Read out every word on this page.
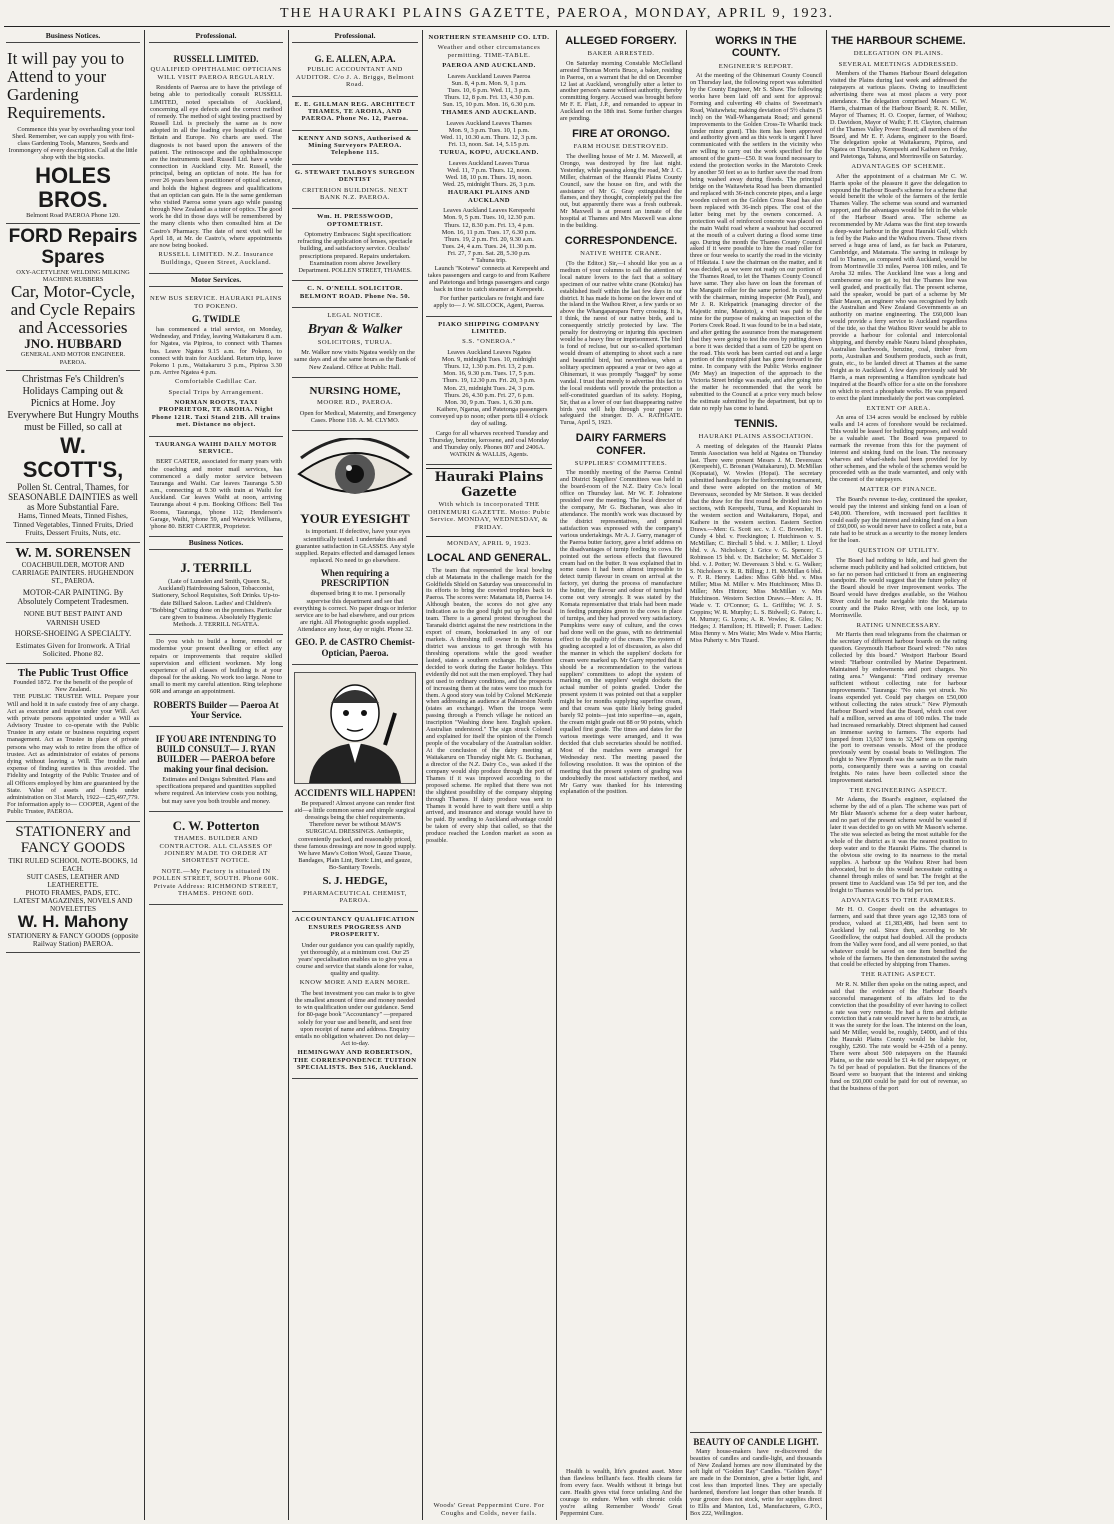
THE HAURAKI PLAINS GAZETTE, PAEROA, MONDAY, APRIL 9, 1923.
Business Notices.
It will pay you to Attend to your Gardening Requirements.
Commence this year by overhauling your tool Shed. Remember, we can supply you with first-class Gardening Tools, Manures, Seeds and Ironmongery of every description. Call at the little shop with the big stocks.
HOLES BROS.
Belmont Road PAEROA Phone 120.
FORD Repairs Spares
OXY-ACETYLENE WELDING MILKING MACHINE RUBBERS
Car, Motor-Cycle, and Cycle Repairs and Accessories
JNO. HUBBARD
GENERAL AND MOTOR ENGINEER. PAEROA.
Christmas Fe's Children's Holidays Camping out & Picnics at Home. Joy Everywhere But Hungry Mouths must be Filled, so call at
W. SCOTT'S,
Pollen St. Central, Thames, for SEASONABLE DAINTIES as well as More Substantial Fare.
Hams, Tinned Meats, Tinned Fishes, Tinned Vegetables, Tinned Fruits, Dried Fruits, Dessert Fruits, Nuts, etc.
W. M. SORENSEN
COACHBUILDER, MOTOR AND CARRIAGE PAINTERS. HUGHENDON ST., PAEROA.
MOTOR-CAR PAINTING. By Absolutely Competent Tradesmen.
NONE BUT BEST PAINT AND VARNISH USED
HORSE-SHOEING A SPECIALTY.
Estimates Given for Ironwork. A Trial Solicited. Phone 82.
The Public Trust Office
Founded 1872. For the benefit of the people of New Zealand.
THE PUBLIC TRUSTEE WILL Prepare your Will and hold it in safe custody free of any charge. Act as executor and trustee under your Will. Act with private persons appointed under a Will as Advisory Trustee to co-operate with the Public Trustee in any estate or business requiring expert management. Act as Trustee in place of private persons who may wish to retire from the office of trustee. Act as administrator of estates of persons dying without leaving a Will. The trouble and expense of finding sureties is thus avoided. The Fidelity and Integrity of the Public Trustee and of all Officers employed by him are guaranteed by the State. Value of assets and funds under administration on 31st March, 1922—£25,497,779. For information apply to— COOPER, Agent of the Public Trustee, PAEROA.
STATIONERY and FANCY GOODS
TIKI RULED SCHOOL NOTE-BOOKS, 1d EACH.
SUIT CASES, LEATHER AND LEATHERETTE.
PHOTO FRAMES, PADS, ETC.
LATEST MAGAZINES, NOVELS AND NOVELETTES
W. H. Mahony
STATIONERY & FANCY GOODS (opposite Railway Station) PAEROA.
Professional.
RUSSELL LIMITED.
QUALIFIED OPHTHALMIC OPTICIANS WILL VISIT PAEROA REGULARLY.
Residents of Paeroa are to have the privilege of being able to periodically consult RUSSELL LIMITED, noted specialists of Auckland, concerning all eye defects and the correct method of remedy. The method of sight testing practised by Russell Ltd. is precisely the same as is now adopted in all the leading eye hospitals of Great Britain and Europe. No charts are used. The diagnosis is not based upon the answers of the patient. The retinoscope and the ophthalmoscope are the instruments used. Russell Ltd. have a wide connection in Auckland city. Mr. Russell, the principal, being an optician of note. He has for over 26 years been a practitioner of optical science, and holds the highest degrees and qualifications that an optician can gain. He is the same gentleman who visited Paeroa some years ago while passing through New Zealand as a tutor of optics. The good work he did in those days will be remembered by the many clients who then consulted him at De Castro's Pharmacy. The date of next visit will be April 18, at Mr. de Castro's, where appointments are now being booked.
RUSSELL LIMITED. N.Z. Insurance Buildings, Queen Street, Auckland.
Motor Services.
NEW BUS SERVICE. HAURAKI PLAINS TO POKENO.
G. TWIDLE
has commenced a trial service, on Monday, Wednesday, and Friday, leaving Waitakaruru 8 a.m. for Ngatea, via Pipiroa, to connect with Thames bus. Leave Ngatea 9.15 a.m. for Pokeno, to connect with train for Auckland. Return trip, leave Pokeno 1 p.m., Waitakaruru 3 p.m., Pipiroa 3.30 p.m. Arrive Ngatea 4 p.m.
Comfortable Cadillac Car.
Special Trips by Arrangement.
NORMAN ROOTS, TAXI PROPRIETOR, TE AROHA. Night Phone 121R. Taxi Stand 21B. All trains met. Distance no object.
TAURANGA WAIHI DAILY MOTOR SERVICE.
BERT CARTER, associated for many years with the coaching and motor mail services, has commenced a daily motor service between Tauranga and Waihi. Car leaves Tauranga 5.30 a.m., connecting at 9.30 with train at Waihi for Auckland. Car leaves Waihi at noon, arriving Tauranga about 4 p.m. Booking Offices: Bell Tea Rooms, Tauranga, 'phone 112; Henderson's Garage, Waihi, 'phone 59, and Warwick Williams, 'phone 80. BERT CARTER, Proprietor.
Business Notices.
J. TERRILL
(Late of Lunsden and Smith, Queen St., Auckland) Hairdressing Saloon, Tobacconist, Stationery, School Requisites, Soft Drinks. Up-to-date Billiard Saloon. Ladies' and Children's "Bobbing" Cutting done on the premises. Particular care given to business. Absolutely Hygienic Methods. J. TERRILL NGATEA.
Do you wish to build a home, remodel or modernise your present dwelling or effect any repairs or improvements that require skilled supervision and efficient workmen. My long experience of all classes of building is at your disposal for the asking. No work too large. None to small to merit my careful attention. Ring telephone 60R and arrange an appointment.
ROBERTS Builder — Paeroa At Your Service.
IF YOU ARE INTENDING TO BUILD CONSULT— J. RYAN BUILDER — PAEROA before making your final decision.
Estimates and Designs Submitted. Plans and specifications prepared and quantities supplied where required. An interview costs you nothing, but may save you both trouble and money.
C. W. Potterton
THAMES. BUILDER AND CONTRACTOR. ALL CLASSES OF JOINERY MADE TO ORDER AT SHORTEST NOTICE.
NOTE.—My Factory is situated IN POLLEN STREET, SOUTH. Phone 60K. Private Address: RICHMOND STREET, THAMES. PHONE 60D.
Professional.
G. E. ALLEN, A.P.A.
PUBLIC ACCOUNTANT AND AUDITOR. C/o J. A. Briggs, Belmont Road.
E. E. GILLMAN REG. ARCHITECT THAMES, TE AROHA, AND PAEROA. Phone No. 12, Paeroa.
KENNY AND SONS, Authorised & Mining Surveyors PAEROA. Telephone 115.
G. STEWART TALBOYS SURGEON DENTIST
CRITERION BUILDINGS. NEXT BANK N.Z. PAEROA.
Wm. H. PRESSWOOD, OPTOMETRIST.
Optometry Embraces: Sight specification: refracting the application of lenses, spectacle building, and satisfactory service. Oculists' prescriptions prepared. Repairs undertaken. Examination room above Jewellery Department. POLLEN STREET, THAMES.
C. N. O'NEILL SOLICITOR. BELMONT ROAD. Phone No. 50.
LEGAL NOTICE.
Bryan & Walker
SOLICITORS, TURUA.
Mr. Walker now visits Ngatea weekly on the same days and at the same hours as the Bank of New Zealand. Office at Public Hall.
NURSING HOME,
MOORE RD., PAEROA.
Open for Medical, Maternity, and Emergency Cases. Phone 118. A. M. CLYMO.
YOUR EYESIGHT
is important. If defective, have your eyes scientifically tested. I undertake this and guarantee satisfaction in GLASSES. Any style supplied. Repairs effected and damaged lenses replaced. No need to go elsewhere.
When requiring a PRESCRIPTION
dispensed bring it to me. I personally supervise this department and see that everything is correct. No paper drugs or inferior service are to be had elsewhere, and our prices are right. All Photographic goods supplied. Attendance any hour, day or night. Phone 32.
GEO. P. de CASTRO Chemist-Optician, Paeroa.
ACCIDENTS WILL HAPPEN!
Be prepared! Almost anyone can render first aid—a little common sense and simple surgical dressings being the chief requirements. Therefore never be without MAW'S SURGICAL DRESSINGS. Antiseptic, conveniently packed, and reasonably priced, these famous dressings are now in good supply. We have Maw's Cotton Wool, Gauze Tissue, Bandages, Plain Lint, Boric Lint, and gauze, Bo-Sanitary Towels.
S. J. HEDGE,
PHARMACEUTICAL CHEMIST, PAEROA.
ACCOUNTANCY QUALIFICATION ENSURES PROGRESS AND PROSPERITY.
Under our guidance you can qualify rapidly, yet thoroughly, at a minimum cost. Our 25 years' specialisation enables us to give you a course and service that stands alone for value, quality and quality.
KNOW MORE AND EARN MORE.
The best investment you can make is to give the smallest amount of time and money needed to win qualification under our guidance. Send for 80-page book "Accountancy" —prepared solely for your use and benefit, and sent free upon receipt of name and address. Enquiry entails no obligation whatever. Do not delay—Act to-day.
HEMINGWAY AND ROBERTSON, THE CORRESPONDENCE TUITION SPECIALISTS. Box 516, Auckland.
NORTHERN STEAMSHIP CO. LTD.
Weather and other circumstances permitting. TIME-TABLE.
PAEROA AND AUCKLAND.
Leaves Auckland Leaves Paeroa
Sun. 8, 4 p.m. Mon. 9, 1 p.m.
Tues. 10, 6 p.m. Wed. 11, 3 p.m.
Thurs. 12, 8 p.m. Fri. 13, 4.30 p.m.
Sun. 15, 10 p.m. Mon. 16, 6.30 p.m.
THAMES AND AUCKLAND.
Leaves Auckland Leaves Thames
Mon. 9, 3 p.m. Tues. 10, 1 p.m.
Wed. 11, 10.30 a.m. Thurs. 12, 3 p.m.
Fri. 13, noon. Sat. 14, 5.15 p.m.
TURUA, KOPU, AUCKLAND.
Leaves Auckland Leaves Turua
Wed. 11, 7 p.m. Thurs. 12, noon.
Wed. 18, 10 p.m. Thurs. 19, noon.
Wed. 25, midnight Thurs. 26, 3 p.m.
HAURAKI PLAINS AND AUCKLAND
Leaves Auckland Leaves Kerepeehi
Mon. 9, 5 p.m. Tues. 10, 12.30 p.m.
Thurs. 12, 8.30 p.m. Fri. 13, 4 p.m.
Mon. 16, 11 p.m. Tues. 17, 6.30 p.m.
Thurs. 19, 2 p.m. Fri. 20, 9.30 a.m.
Tues. 24, 4 a.m. Tues. 24, 11.30 p.m.
Fri. 27, 7 p.m. Sat. 28, 5.30 p.m.
* Tahuna trip.
Launch "Kotewa" connects at Kerepeehi and takes passengers and cargo to and from Kaihere and Patetonga and brings passengers and cargo back in time to catch steamer at Kerepeehi.
For further particulars re freight and fare apply to— J. W. SILCOCK, Agent, Paeroa.
PIAKO SHIPPING COMPANY LIMITED.
S.S. "ONEROA."
Leaves Auckland Leaves Ngatea
Mon. 9, midnight Tues. 10, midnight
Thurs. 12, 1.30 p.m. Fri. 13, 2 p.m.
Mon. 16, 9.30 p.m. Tues. 17, 5 p.m.
Thurs. 19, 12.30 p.m. Fri. 20, 3 p.m.
Mon. 23, midnight Tues. 24, 3 p.m.
Thurs. 26, 4.30 p.m. Fri. 27, 6 p.m.
Mon. 30, 9 p.m. Tues. 1, 6.30 p.m.
Kaihere, Ngarua, and Patetonga passengers conveyed up to noon; other ports till 4 o'clock day of sailing.
Cargo for all wharves received Tuesday and Thursday, benzine, kerosene, and coal Monday and Thursday only. Phones 807 and 2406A. WATKIN & WALLIS, Agents.
Hauraki Plains Gazette
With which is incorporated THE OHINEMURI GAZETTE. Motto: Pubic Service. MONDAY, WEDNESDAY, & FRIDAY.
MONDAY, APRIL 9, 1923.
LOCAL AND GENERAL.
The team that represented the local bowling club at Matamata in the challenge match for the Goldfields Shield on Saturday was unsuccessful in its efforts to bring the coveted trophies back to Paeroa. The scores were: Matamata 18, Paeroa 14. Although beaten, the scores do not give any indication as to the good fight put up by the local team. There is a general protest throughout the Taranaki district against the new restrictions in the export of cream, bookmarked in any of our markets. A threshing mill owner in the Rotorua district was anxious to get through with his threshing operations while the good weather lasted, states a southern exchange. He therefore decided to work during the Easter holidays. This evidently did not suit the men employed. They had got used to ordinary conditions, and the prospects of increasing them at the rates were too much for them. A good story was told by Colonel McKenzie when addressing an audience at Palmerston North (states an exchange). When the troops were passing through a French village he noticed an inscription "Washing done here. English spoken. Australian understood." The sign struck Colonel and explained for itself the opinion of the French people of the vocabulary of the Australian soldier. At the conclusion of the dairy meeting at Waitakaruru on Thursday night Mr. G. Buchanan, a director of the N.Z. Dairy Co., was asked if the company would ship produce through the port of Thames if it was improved according to the proposed scheme. He replied that there was not the slightest possibility of the company shipping through Thames. If dairy produce was sent to Thames it would have to wait there until a ship arrived, and insurance and storage would have to be paid. By sending to Auckland advantage could be taken of every ship that called, so that the produce reached the London market as soon as possible.
Woods' Great Peppermint Cure. For Coughs and Colds, never fails.
ALLEGED FORGERY.
BAKER ARRESTED.
On Saturday morning Constable McClelland arrested Thomas Morris Bruce, a baker, residing in Paeroa, on a warrant that he did on December 12 last at Auckland, wrongfully utter a letter to another person's name without authority, thereby committing forgery. Accused was brought before Mr F. E. Flatt, J.P., and remanded to appear in Auckland on the 18th inst. Some further charges are pending.
FIRE AT ORONGO.
FARM HOUSE DESTROYED.
The dwelling house of Mr J. M. Maxwell, at Orongo, was destroyed by fire last night. Yesterday, while passing along the road, Mr J. C. Miller, chairman of the Hauraki Plains County Council, saw the house on fire, and with the assistance of Mr G. Gray extinguished the flames, and they thought, completely put the fire out, but apparently there was a fresh outbreak. Mr Maxwell is at present an inmate of the hospital at Thames and Mrs Maxwell was alone in the building.
CORRESPONDENCE.
NATIVE WHITE CRANE.
(To the Editor.) Sir,—I should like you as a medium of your columns to call the attention of local nature lovers to the fact that a solitary specimen of our native white crane (Kotuku) has established itself within the last few days in our district. It has made its home on the lower end of the island in the Waihou River, a few yards or so above the Whangaparapara Ferry crossing. It is, I think, the rarest of our native birds, and is consequently strictly protected by law. The penalty for destroying or injuring this specimen would be a heavy fine or imprisonment. The bird is fond of recluse, but our so-called sportsman would dream of attempting to shoot such a rare and beautiful bird, but nevertheless, when a solitary specimen appeared a year or two ago at Ohinemuri, it was promptly "bagged" by some vandal. I trust that merely to advertise this fact to the local residents will provide the protection a self-constituted guardian of its safety. Hoping, Sir, that as a lover of our fast disappearing native birds you will help through your paper to safeguard the stranger. D. A. RATHGATE. Turua, April 5, 1923.
DAIRY FARMERS CONFER.
SUPPLIERS' COMMITTEES.
The monthly meeting of the Paeroa Central and District Suppliers' Committees was held in the board-room of the N.Z. Dairy Co.'s local office on Thursday last. Mr W. F. Johnstone presided over the meeting. The local director of the company, Mr G. Buchanan, was also in attendance. The month's work was discussed by the district representatives, and general satisfaction was expressed with the company's various undertakings. Mr A. J. Garry, manager of the Paeroa butter factory, gave a brief address on the disadvantages of turnip feeding to cows. He pointed out the serious effects that flavoured cream had on the butter. It was explained that in some cases it had been almost impossible to detect turnip flavour in cream on arrival at the factory, yet during the process of manufacture the butter, the flavour and odour of turnips had come out very strongly. It was stated by the Komata representative that trials had been made in feeding pumpkins green to the cows in place of turnips, and they had proved very satisfactory. Pumpkins were easy of culture, and the cows had done well on the grass, with no detrimental effect to the quality of the cream. The system of grading accepted a lot of discussion, as also did the manner in which the suppliers' dockets for cream were marked up. Mr Garry reported that it should be a recommendation to the various suppliers' committees to adopt the system of marking on the suppliers' weight dockets the actual number of points graded. Under the present system it was pointed out that a supplier might be for months supplying superfine cream, and that cream was quite likely being graded barely 92 points—just into superfine—as, again, the cream might grade out 88 or 90 points, which equalled first grade. The times and dates for the various meetings were arranged, and it was decided that club secretaries should be notified. Most of the matches were arranged for Wednesday next. The meeting passed the following resolution. It was the opinion of the meeting that the present system of grading was undoubtedly the most satisfactory method, and Mr Garry was thanked for his interesting explanation of the position.
Health is wealth, life's greatest asset. More than flawless brilliant's face. Health cleans far from every face. Wealth without it brings but care. Health gives vital force unfailing And the courage to endure. When with chronic colds you're ailing Remember Woods' Great Peppermint Cure.
WORKS IN THE COUNTY.
ENGINEER'S REPORT.
At the meeting of the Ohinemuri County Council on Thursday last, the following report was submitted by the County Engineer, Mr S. Shaw. The following works have been laid off and sent for approval: Forming and culverting 49 chains of Sweetman's Road, Waitawheta; making deviation of 5½ chains (5 inch) on the Wall-Whangamata Road; and general improvements to the Golden Cross-Te Whariki track (under minor grant). This item has been approved and authority given and as this work is urgent I have communicated with the settlers in the vicinity who are willing to carry out the work specified for the amount of the grant—£50. It was found necessary to extend the protection works in the Marototo Creek by another 50 feet so as to further save the road from being washed away during floods. The principal bridge on the Waitawheta Road has been dismantled and replaced with 36-inch concrete pipes, and a large wooden culvert on the Golden Cross Road has also been replaced with 36-inch pipes. The cost of the latter being met by the owners concerned. A protection wall of reinforced concrete was placed on the main Waihi road where a washout had occurred at the mouth of a culvert during a flood some time ago. During the month the Thames County Council asked if it were possible to hire the road roller for three or four weeks to scarify the road in the vicinity of Hikutaia. I saw the chairman on the matter, and it was decided, as we were not ready on our portion of the Thames Road, to let the Thames County Council have same. They also have on loan the foreman of the Mangaiti roller for the same period. In company with the chairman, mining inspector (Mr Paul), and Mr J. R. Kirkpatrick (managing director of the Majestic mine, Maratoto), a visit was paid to the mine for the purpose of making an inspection of the Porters Creek Road. It was found to be in a bad state, and after getting the assurance from the management that they were going to test the ores by putting down a bore it was decided that a sum of £20 be spent on the road. This work has been carried out and a large portion of the required plant has gone forward to the mine. In company with the Public Works engineer (Mr May) an inspection of the approach to the Victoria Street bridge was made, and after going into the matter he recommended that the work be submitted to the Council at a price very much below the estimate submitted by the department, but up to date no reply has come to hand.
TENNIS.
HAURAKI PLAINS ASSOCIATION.
A meeting of delegates of the Hauraki Plains Tennis Association was held at Ngatea on Thursday last. There were present Messrs J. M. Devereaux (Kerepeehi), C. Brosnan (Waitakaruru), D. McMillan (Kopuatai), W. Vowles (Hopai). The secretary submitted handicaps for the forthcoming tournament, and these were adopted on the motion of Mr Devereaux, seconded by Mr Stetson. It was decided that the draw for the first round be divided into two sections, with Kerepeehi, Turua, and Kopuarahi in the western section and Waitakaruru, Hopai, and Kaihere in the western section. Eastern Section Draws.—Men: G. Scott sec. v. J. C. Brownlee; H. Cundy 4 bhd. v. Freckington; I. Hutchinson v. S. McMillan; C. Birchall 5 bhd. v. J. Miller; I. Lloyd bhd. v. A. Nicholson; J. Grice v. G. Spencer; C. Robinson 15 bhd. v. Dr. Batchelor; M. McCaldor 3 bhd. v. J. Potter; W. Devereaux 3 bhd. v. G. Walker; S. Nicholson v. R. R. Billing; J. H. McMillan 6 bhd. v. F. R. Henry. Ladies: Miss Gibb bhd. v. Miss Miller; Miss M. Miller v. Mrs Hutchinson; Miss D. Miller; Mrs Hinton; Miss McMillan v. Mrs Hutchinson. Western Section Draws.—Men: A. H. Wade v. T. O'Connor; G. L. Griffiths; W. J. S. Coppins; W. R. Murphy; L. S. Bidwell; G. Paton; L. M. Murray; G. Lyons; A. R. Vowles; R. Giles; N. Hedges; J. Hamilton; H. Hitwell; F. Fraser. Ladies: Miss Henny v. Mrs Waite; Mrs Wade v. Miss Harris; Miss Puherty v. Mrs Tizard.
BEAUTY OF CANDLE LIGHT.
Many house-makers have re-discovered the beauties of candles and candle-light, and thousands of New Zealand homes are now illuminated by the soft light of "Golden Ray" Candles. "Golden Rays" are made in the Dominion, give a better light, and cost less than imported lines. They are specially hardened, therefore last longer than other brands. If your grocer does not stock, write for supplies direct to Ellis and Manton, Ltd., Manufacturers, G.P.O., Box 222, Wellington.
THE HARBOUR SCHEME.
DELEGATION ON PLAINS.
SEVERAL MEETINGS ADDRESSED.
Members of the Thames Harbour Board delegation visited the Plains during last week and addressed the ratepayers at various places. Owing to insufficient advertising there was at most places a very poor attendance. The delegation comprised Messrs C. W. Harris, chairman of the Harbour Board; R. N. Miller, Mayor of Thames; H. O. Cooper, farmer, of Waihou; D. Davidson, Mayor of Waihi; F. H. Clayton, chairman of the Thames Valley Power Board; all members of the Board, and Mr E. F. Adams, engineer to the Board. The delegation spoke at Waitakaruru, Pipiroa, and Ngatea on Thursday, Kerepeehi and Kaihere on Friday, and Patetonga, Tahuna, and Morrinsville on Saturday.
ADVANTAGES OF SCHEME.
After the appointment of a chairman Mr C. W. Harris spoke of the pleasure it gave the delegation to expound the Harbour Board's scheme for a scheme that would benefit the whole of the farmers of the fertile Thames Valley. The scheme was sound and warranted support, and the advantages would be felt in the whole of the Harbour Board area. The scheme as recommended by Mr Adams was the first step towards a deep-water harbour in the great Hauraki Gulf, which is fed by the Piako and the Waihou rivers. These rivers served a huge area of land, as far back as Putaruru, Cambridge, and Matamata. The saving in mileage by rail to Thames, as compared with Auckland, would be from Morrinsville 33 miles, Paeroa 108 miles, and Te Aroha 32 miles. The Auckland line was a long and cumbersome one to get to, but the Thames line was well graded, and practically flat. The present scheme, said the speaker, would be part of a scheme by Mr Blair Mason, an engineer who was recognised by both the Australian and New Zealand Governments as an authority on marine engineering. The £60,000 loan would provide a ferry service to Auckland regardless of the tide, so that the Waihou River would be able to provide a harbour for colonial and intercolonial shipping, and thereby enable Nauru Island phosphates, Australian hardwoods, benzine, coal, timber from ports, Australian and Southern products, such as fruit, grain, etc., to be landed direct at Thames at the same freight as to Auckland. A few days previously said Mr Harris, a man representing a Hamilton syndicate had inquired at the Board's office for a site on the foreshore on which to erect a phosphate works. He was prepared to erect the plant immediately the port was completed.
EXTENT OF AREA.
An area of 134 acres would be enclosed by rubble walls and 14 acres of foreshore would be reclaimed. This would be leased for building purposes, and would be a valuable asset. The Board was prepared to earmark the revenue from this for the payment of interest and sinking fund on the loan. The necessary wharves and wharf-sheds had been provided for by other schemes, and the whole of the schemes would be proceeded with as the trade warranted, and only with the consent of the ratepayers.
MATTER OF FINANCE.
The Board's revenue to-day, continued the speaker, would pay the interest and sinking fund on a loan of £40,000. Therefore, with increased port facilities it could easily pay the interest and sinking fund on a loan of £60,000, so would never have to collect a rate, but a rate had to be struck as a security to the money lenders for the loan.
QUESTION OF UTILITY.
The Board had nothing to hide, and had given the scheme much publicity and had solicited criticism, but so far no person had criticised it from an engineering standpoint. He would suggest that the future policy of the Board should be river improvement works. The Board would have dredges available, so the Waihou River could be made navigable into the Matamata county and the Piako River, with one lock, up to Morrinsville.
RATING UNNECESSARY.
Mr Harris then read telegrams from the chairman or the secretary of different harbour boards on the rating question. Greymouth Harbour Board wired: "No rates collected by this board." Westport Harbour Board wired: "Harbour controlled by Marine Department. Maintained by endowments and port charges. No rating area." Wanganui: "Find ordinary revenue sufficient without collecting rate for harbour improvements." Tauranga: "No rates yet struck. No loans expended yet. Could pay charges on £50,000 without collecting the rates struck." New Plymouth Harbour Board wired that the Board, which cost over half a million, served an area of 100 miles. The trade had increased remarkably. Direct shipment had caused an immense saving to farmers. The exports had jumped from 13,637 tons to 32,547 tons on opening the port to overseas vessels. Most of the produce previously went by coastal boats to Wellington. The freight to New Plymouth was the same as to the main ports, consequently there was a saving on coastal freights. No rates have been collected since the improvement started.
THE ENGINEERING ASPECT.
Mr Adams, the Board's engineer, explained the scheme by the aid of a plan. The scheme was part of Mr Blair Mason's scheme for a deep water harbour, and no part of the present scheme would be wasted if later it was decided to go on with Mr Mason's scheme. The site was selected as being the most suitable for the whole of the district as it was the nearest position to deep water and to the Hauraki Plains. The channel is the obvious site owing to its nearness to the metal supplies. A harbour up the Waihou River had been advocated, but to do this would necessitate cutting a channel through miles of sand bar. The freight at the present time to Auckland was 15s 9d per ton, and the freight to Thames would be 8s 6d per ton.
ADVANTAGES TO THE FARMERS.
Mr H. O. Cooper dwelt on the advantages to farmers, and said that three years ago 12,383 tons of produce, valued at £1,383,486, had been sent to Auckland by rail. Since then, according to Mr Goodfellow, the output had doubled. All the products from the Valley were food, and all were ponied, so that whatever could be saved on one item benefited the whole of the farmers. He then demonstrated the saving that could be effected by shipping from Thames.
THE RATING ASPECT.
Mr R. N. Miller then spoke on the rating aspect, and said that the evidence of the Harbour Board's successful management of its affairs led to the conviction that the possibility of ever having to collect a rate was very remote. He had a firm and definite conviction that a rate would never have to be struck, as it was the surety for the loan. The interest on the loan, said Mr Miller, would be, roughly, £4000, and of this the Hauraki Plains County would be liable for, roughly, £260. The rate would be 4-25th of a penny. There were about 500 ratepayers on the Hauraki Plains, so the rate would be £1 4s 6d per ratepayer, or 7s 6d per head of population. But the finances of the Board were so buoyant that the interest and sinking fund on £60,000 could be paid for out of revenue, so that the business of the port
